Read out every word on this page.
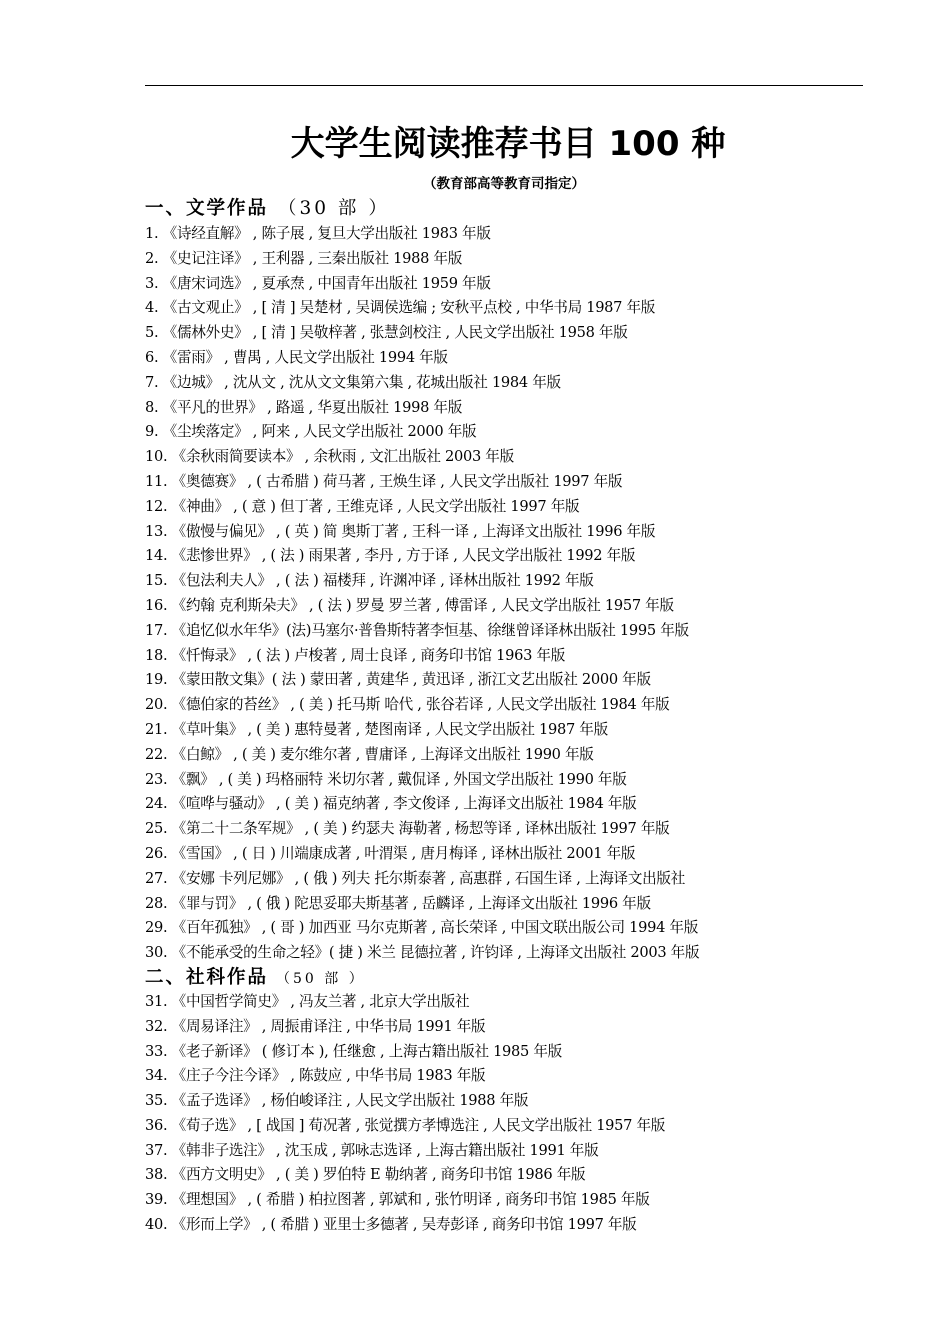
大学生阅读推荐书目 100 种
（教育部高等教育司指定）
一、文学作品 （30 部 ）
1. 《诗经直解》 , 陈子展 , 复旦大学出版社 1983 年版
2. 《史记注译》 , 王利器 , 三秦出版社 1988 年版
3. 《唐宋词选》 , 夏承焘 , 中国青年出版社 1959 年版
4. 《古文观止》 , [ 清 ] 吴楚材 , 吴调侯选编 ; 安秋平点校 , 中华书局 1987 年版
5. 《儒林外史》 , [ 清 ] 吴敬梓著 , 张慧剑校注 , 人民文学出版社 1958 年版
6. 《雷雨》 , 曹禺 , 人民文学出版社 1994 年版
7. 《边城》 , 沈从文 , 沈从文文集第六集 , 花城出版社 1984 年版
8. 《平凡的世界》 , 路遥 , 华夏出版社 1998 年版
9. 《尘埃落定》 , 阿来 , 人民文学出版社 2000 年版
10. 《余秋雨简要读本》 , 余秋雨 , 文汇出版社 2003 年版
11. 《奥德赛》 , ( 古希腊 ) 荷马著 , 王焕生译 , 人民文学出版社 1997 年版
12. 《神曲》 , ( 意 ) 但丁著 , 王维克译 , 人民文学出版社 1997 年版
13. 《傲慢与偏见》 , ( 英 ) 简 奥斯丁著 , 王科一译 , 上海译文出版社 1996 年版
14. 《悲惨世界》 , ( 法 ) 雨果著 , 李丹 , 方于译 , 人民文学出版社 1992 年版
15. 《包法利夫人》 , ( 法 ) 福楼拜 , 许渊冲译 , 译林出版社 1992 年版
16. 《约翰 克利斯朵夫》 , ( 法 ) 罗曼 罗兰著 , 傅雷译 , 人民文学出版社 1957 年版
17. 《追忆似水年华》(法)马塞尔·普鲁斯特著李恒基、徐继曾译译林出版社 1995 年版
18. 《忏悔录》 , ( 法 ) 卢梭著 , 周士良译 , 商务印书馆 1963 年版
19. 《蒙田散文集》( 法 ) 蒙田著 , 黄建华 , 黄迅译 , 浙江文艺出版社 2000 年版
20. 《德伯家的苔丝》 , ( 美 ) 托马斯 哈代 , 张谷若译 , 人民文学出版社 1984 年版
21. 《草叶集》 , ( 美 ) 惠特曼著 , 楚图南译 , 人民文学出版社 1987 年版
22. 《白鲸》 , ( 美 ) 麦尔维尔著 , 曹庸译 , 上海译文出版社 1990 年版
23. 《飘》 , ( 美 ) 玛格丽特 米切尔著 , 戴侃译 , 外国文学出版社 1990 年版
24. 《喧哗与骚动》 , ( 美 ) 福克纳著 , 李文俊译 , 上海译文出版社 1984 年版
25. 《第二十二条军规》 , ( 美 ) 约瑟夫 海勒著 , 杨恝等译 , 译林出版社 1997 年版
26. 《雪国》 , ( 日 ) 川端康成著 , 叶渭渠 , 唐月梅译 , 译林出版社 2001 年版
27. 《安娜 卡列尼娜》 , ( 俄 ) 列夫 托尔斯泰著 , 高惠群 , 石国生译 , 上海译文出版社
28. 《罪与罚》 , ( 俄 ) 陀思妥耶夫斯基著 , 岳麟译 , 上海译文出版社 1996 年版
29. 《百年孤独》 , ( 哥 ) 加西亚 马尔克斯著 , 高长荣译 , 中国文联出版公司 1994 年版
30. 《不能承受的生命之轻》( 捷 ) 米兰 昆德拉著 , 许钧译 , 上海译文出版社 2003 年版
二、社科作品 （50 部 ）
31. 《中国哲学简史》 , 冯友兰著 , 北京大学出版社
32. 《周易译注》 , 周振甫译注 , 中华书局 1991 年版
33. 《老子新译》 ( 修订本 ), 任继愈 , 上海古籍出版社 1985 年版
34. 《庄子今注今译》 , 陈鼓应 , 中华书局 1983 年版
35. 《孟子选译》 , 杨伯峻译注 , 人民文学出版社 1988 年版
36. 《荀子选》 , [ 战国 ] 荀况著 , 张觉撰方孝博选注 , 人民文学出版社 1957 年版
37. 《韩非子选注》 , 沈玉成 , 郭咏志选译 , 上海古籍出版社 1991 年版
38. 《西方文明史》 , ( 美 ) 罗伯特 E 勒纳著 , 商务印书馆 1986 年版
39. 《理想国》 , ( 希腊 ) 柏拉图著 , 郭斌和 , 张竹明译 , 商务印书馆 1985 年版
40. 《形而上学》 , ( 希腊 ) 亚里士多德著 , 吴寿彭译 , 商务印书馆 1997 年版
